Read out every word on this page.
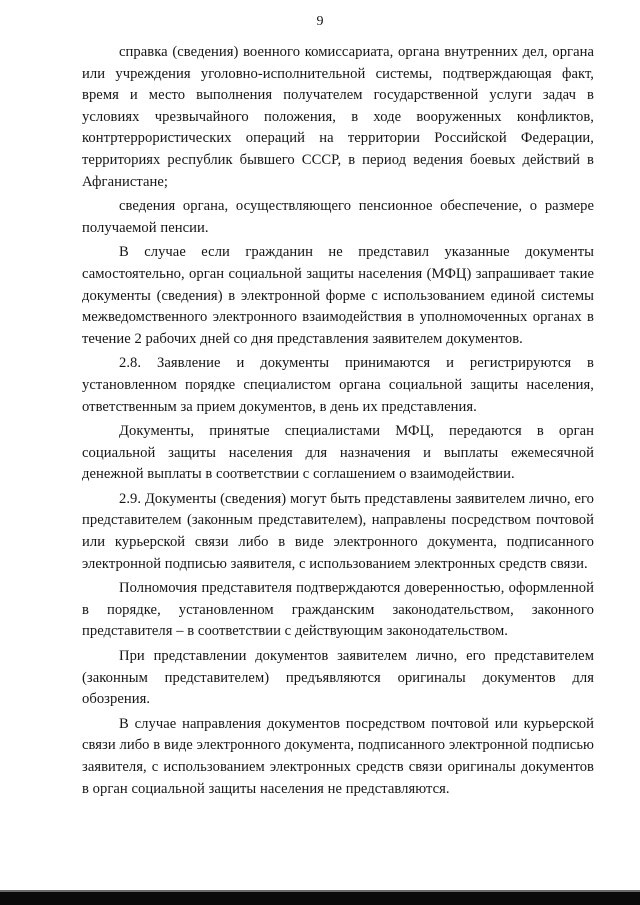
9

справка (сведения) военного комиссариата, органа внутренних дел, органа или учреждения уголовно-исполнительной системы, подтверждающая факт, время и место выполнения получателем государственной услуги задач в условиях чрезвычайного положения, в ходе вооруженных конфликтов, контртеррористических операций на территории Российской Федерации, территориях республик бывшего СССР, в период ведения боевых действий в Афганистане;

сведения органа, осуществляющего пенсионное обеспечение, о размере получаемой пенсии.

В случае если гражданин не представил указанные документы самостоятельно, орган социальной защиты населения (МФЦ) запрашивает такие документы (сведения) в электронной форме с использованием единой системы межведомственного электронного взаимодействия в уполномоченных органах в течение 2 рабочих дней со дня представления заявителем документов.

2.8. Заявление и документы принимаются и регистрируются в установленном порядке специалистом органа социальной защиты населения, ответственным за прием документов, в день их представления.

Документы, принятые специалистами МФЦ, передаются в орган социальной защиты населения для назначения и выплаты ежемесячной денежной выплаты в соответствии с соглашением о взаимодействии.

2.9. Документы (сведения) могут быть представлены заявителем лично, его представителем (законным представителем), направлены посредством почтовой или курьерской связи либо в виде электронного документа, подписанного электронной подписью заявителя, с использованием электронных средств связи.

Полномочия представителя подтверждаются доверенностью, оформленной в порядке, установленном гражданским законодательством, законного представителя – в соответствии с действующим законодательством.

При представлении документов заявителем лично, его представителем (законным представителем) предъявляются оригиналы документов для обозрения.

В случае направления документов посредством почтовой или курьерской связи либо в виде электронного документа, подписанного электронной подписью заявителя, с использованием электронных средств связи оригиналы документов в орган социальной защиты населения не представляются.
